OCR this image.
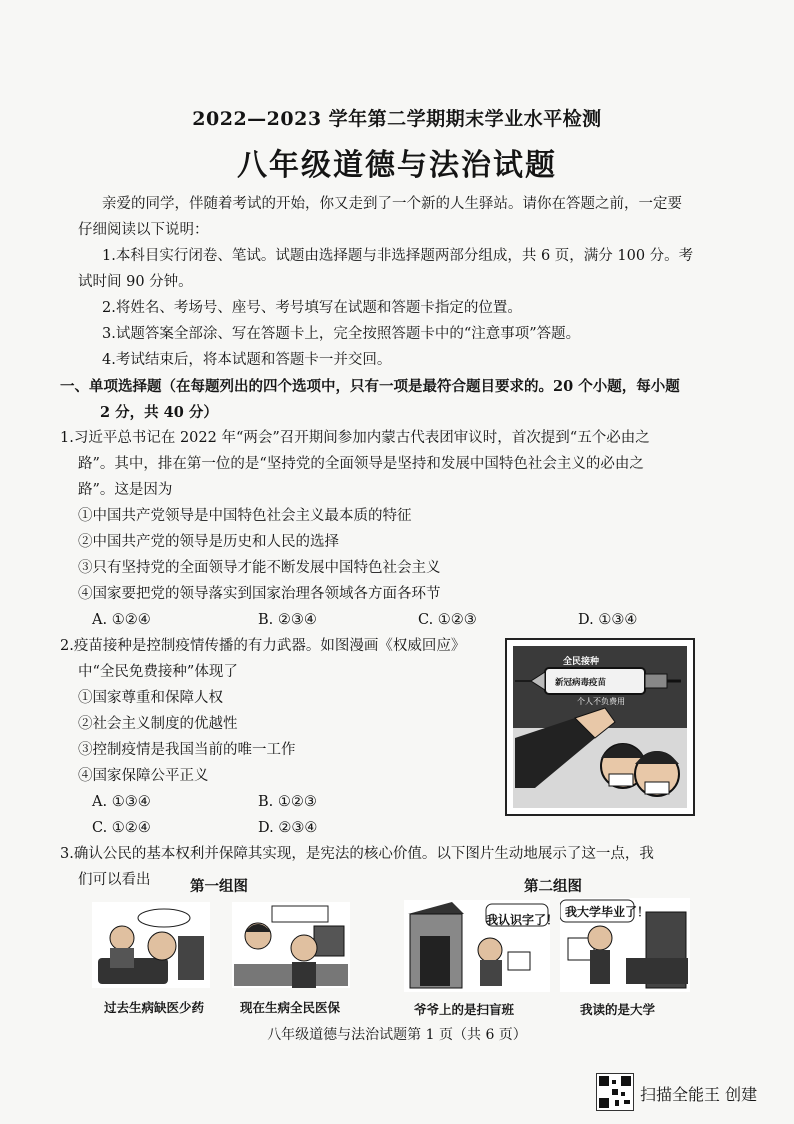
2022—2023 学年第二学期期末学业水平检测
八年级道德与法治试题
亲爱的同学，伴随着考试的开始，你又走到了一个新的人生驿站。请你在答题之前，一定要
仔细阅读以下说明：
1.本科目实行闭卷、笔试。试题由选择题与非选择题两部分组成，共 6 页，满分 100 分。考
试时间 90 分钟。
2.将姓名、考场号、座号、考号填写在试题和答题卡指定的位置。
3.试题答案全部涂、写在答题卡上，完全按照答题卡中的“注意事项”答题。
4.考试结束后，将本试题和答题卡一并交回。
一、单项选择题（在每题列出的四个选项中，只有一项是最符合题目要求的。20 个小题，每小题
2 分，共 40 分）
1.习近平总书记在 2022 年“两会”召开期间参加内蒙古代表团审议时，首次提到“五个必由之
路”。其中，排在第一位的是“坚持党的全面领导是坚持和发展中国特色社会主义的必由之
路”。这是因为
①中国共产党领导是中国特色社会主义最本质的特征
②中国共产党的领导是历史和人民的选择
③只有坚持党的全面领导才能不断发展中国特色社会主义
④国家要把党的领导落实到国家治理各领域各方面各环节
A. ①②④	B. ②③④	C. ①②③	D. ①③④
2.疫苗接种是控制疫情传播的有力武器。如图漫画《权威回应》
中“全民免费接种”体现了
①国家尊重和保障人权
②社会主义制度的优越性
③控制疫情是我国当前的唯一工作
④国家保障公平正义
A. ①③④	B. ①②③
C. ①②④	D. ②③④
全民接种
新冠病毒疫苗
个人不负费用
3.确认公民的基本权利并保障其实现，是宪法的核心价值。以下图片生动地展示了这一点，我
们可以看出	第一组图	第二组图
我认识字了！
我大学毕业了！
过去生病缺医少药	现在生病全民医保	爷爷上的是扫盲班	我读的是大学
八年级道德与法治试题第 1 页（共 6 页）
扫描全能王 创建
